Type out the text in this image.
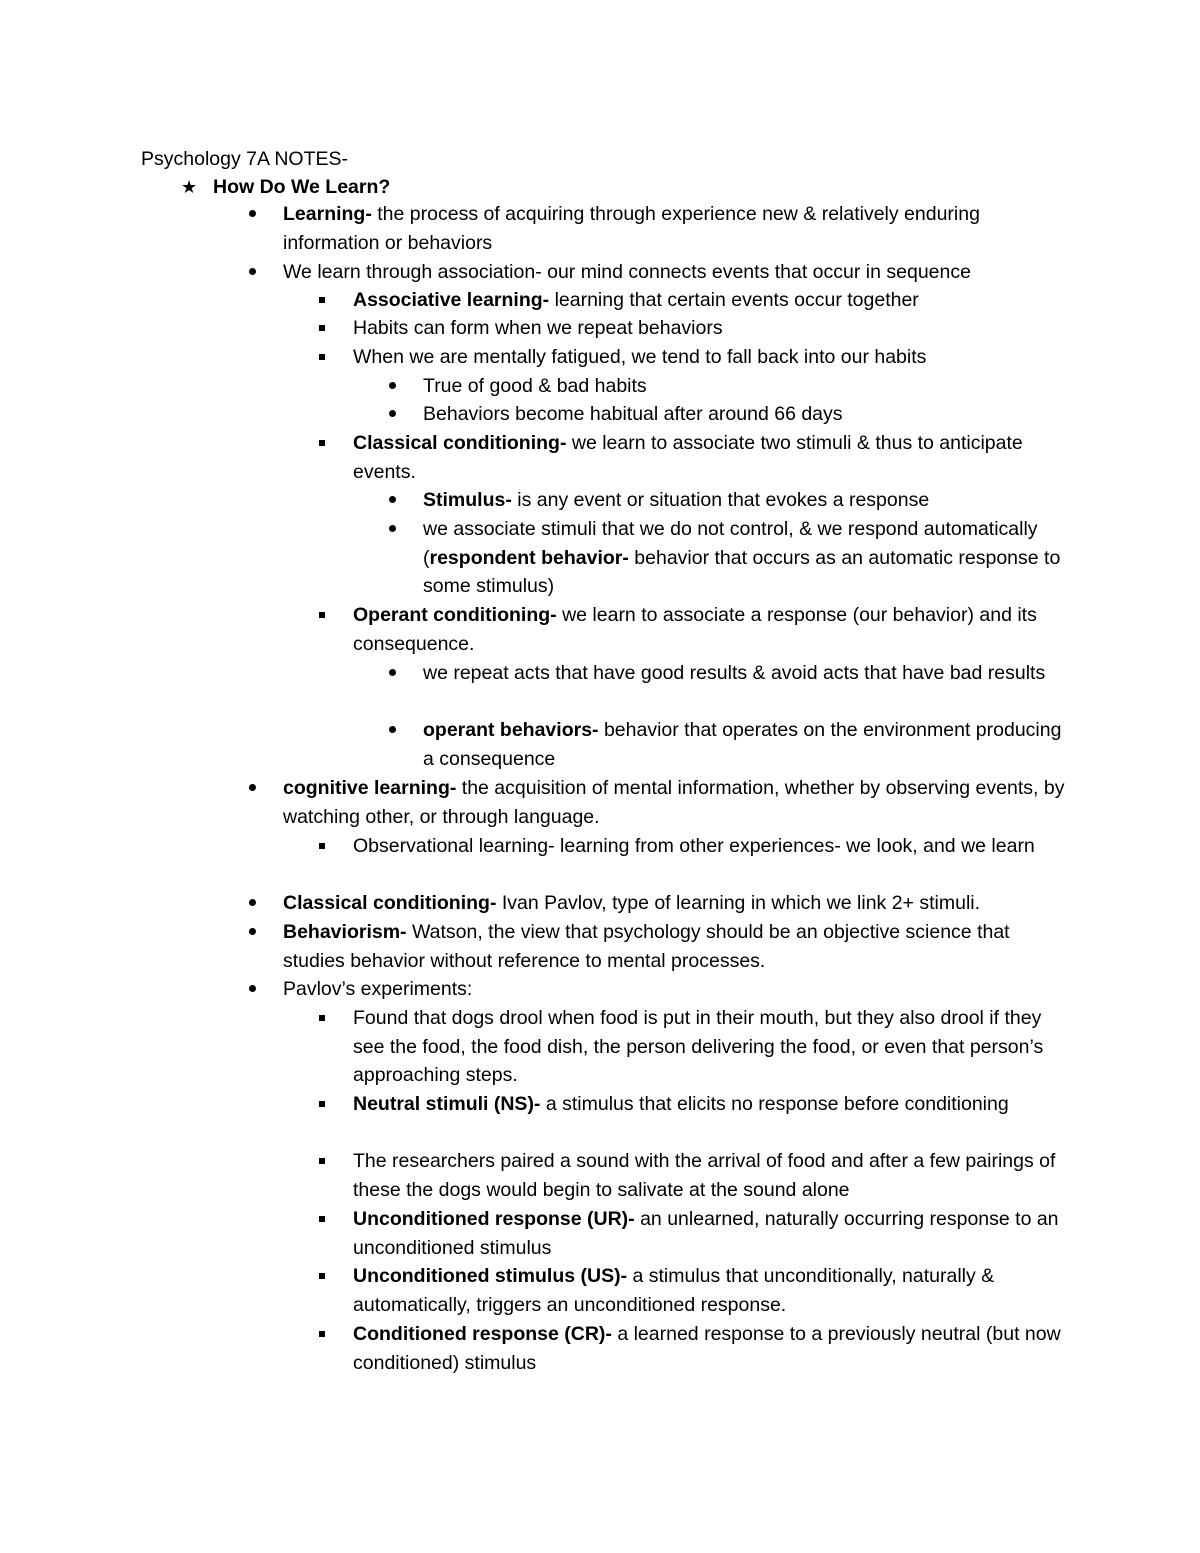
Psychology 7A NOTES-
★ How Do We Learn?
Learning- the process of acquiring through experience new & relatively enduring information or behaviors
We learn through association- our mind connects events that occur in sequence
Associative learning- learning that certain events occur together
Habits can form when we repeat behaviors
When we are mentally fatigued, we tend to fall back into our habits
True of good & bad habits
Behaviors become habitual after around 66 days
Classical conditioning- we learn to associate two stimuli & thus to anticipate events.
Stimulus- is any event or situation that evokes a response
we associate stimuli that we do not control, & we respond automatically (respondent behavior- behavior that occurs as an automatic response to some stimulus)
Operant conditioning- we learn to associate a response (our behavior) and its consequence.
we repeat acts that have good results & avoid acts that have bad results
operant behaviors- behavior that operates on the environment producing a consequence
cognitive learning- the acquisition of mental information, whether by observing events, by watching other, or through language.
Observational learning- learning from other experiences- we look, and we learn
Classical conditioning- Ivan Pavlov, type of learning in which we link 2+ stimuli.
Behaviorism- Watson, the view that psychology should be an objective science that studies behavior without reference to mental processes.
Pavlov’s experiments:
Found that dogs drool when food is put in their mouth, but they also drool if they see the food, the food dish, the person delivering the food, or even that person’s approaching steps.
Neutral stimuli (NS)- a stimulus that elicits no response before conditioning
The researchers paired a sound with the arrival of food and after a few pairings of these the dogs would begin to salivate at the sound alone
Unconditioned response (UR)- an unlearned, naturally occurring response to an unconditioned stimulus
Unconditioned stimulus (US)- a stimulus that unconditionally, naturally & automatically, triggers an unconditioned response.
Conditioned response (CR)- a learned response to a previously neutral (but now conditioned) stimulus
